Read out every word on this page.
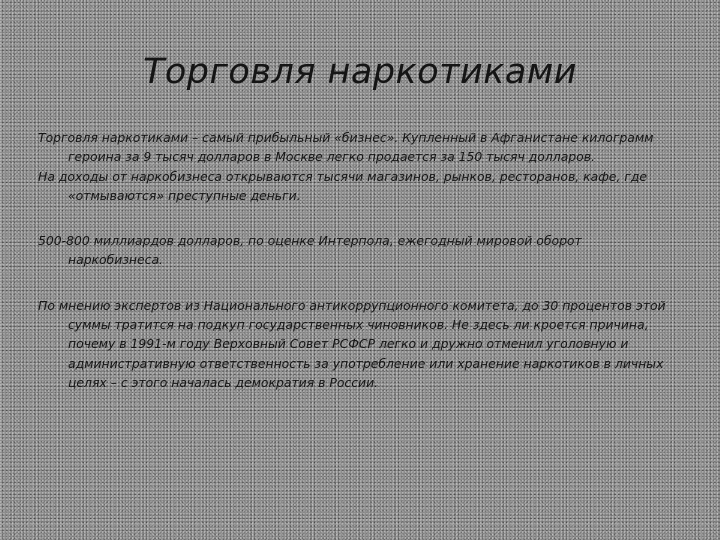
Торговля наркотиками

Торговля наркотиками – самый прибыльный «бизнес». Купленный в Афганистане килограмм героина за 9 тысяч долларов в Москве легко продается за 150 тысяч долларов.

На доходы от наркобизнеса открываются тысячи магазинов, рынков, ресторанов, кафе, где «отмываются» преступные деньги.

500-800 миллиардов долларов, по оценке Интерпола, ежегодный мировой оборот наркобизнеса.

По мнению экспертов из Национального антикоррупционного комитета, до 30 процентов этой суммы тратится на подкуп государственных чиновников. Не здесь ли кроется причина, почему в 1991-м году Верховный Совет РСФСР легко и дружно отменил уголовную и административную ответственность за употребление или хранение наркотиков в личных целях – с этого началась демократия в России.
